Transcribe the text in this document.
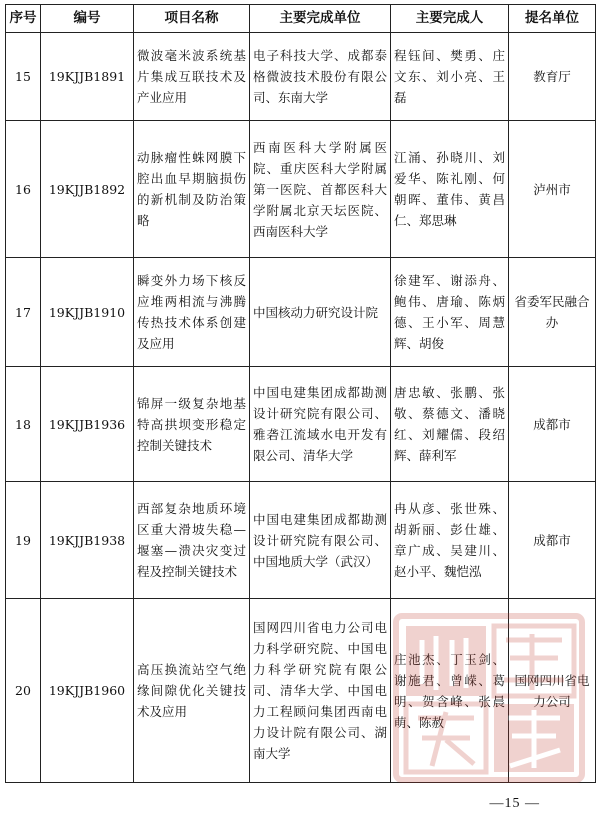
序号	编号	项目名称	主要完成单位	主要完成人	提名单位
15	19KJJB1891	微波毫米波系统基片集成互联技术及产业应用	电子科技大学、成都泰格微波技术股份有限公司、东南大学	程钰间、樊勇、庄文东、刘小亮、王磊	教育厅
16	19KJJB1892	动脉瘤性蛛网膜下腔出血早期脑损伤的新机制及防治策略	西南医科大学附属医院、重庆医科大学附属第一医院、首都医科大学附属北京天坛医院、西南医科大学	江涌、孙晓川、刘爱华、陈礼刚、何朝晖、董伟、黄昌仁、郑思琳	泸州市
17	19KJJB1910	瞬变外力场下核反应堆两相流与沸腾传热技术体系创建及应用	中国核动力研究设计院	徐建军、谢添舟、鲍伟、唐瑜、陈炳德、王小军、周慧辉、胡俊	省委军民融合办
18	19KJJB1936	锦屏一级复杂地基特高拱坝变形稳定控制关键技术	中国电建集团成都勘测设计研究院有限公司、雅砻江流域水电开发有限公司、清华大学	唐忠敏、张鹏、张敬、蔡德文、潘晓红、刘耀儒、段绍辉、薛利军	成都市
19	19KJJB1938	西部复杂地质环境区重大滑坡失稳—堰塞—溃决灾变过程及控制关键技术	中国电建集团成都勘测设计研究院有限公司、中国地质大学（武汉）	冉从彦、张世殊、胡新丽、彭仕雄、章广成、吴建川、赵小平、魏恺泓	成都市
20	19KJJB1960	高压换流站空气绝缘间隙优化关键技术及应用	国网四川省电力公司电力科学研究院、中国电力科学研究院有限公司、清华大学、中国电力工程顾问集团西南电力设计院有限公司、湖南大学	庄池杰、丁玉剑、谢施君、曾嵘、葛明、贺含峰、张晨萌、陈赦	国网四川省电力公司
—15 —
